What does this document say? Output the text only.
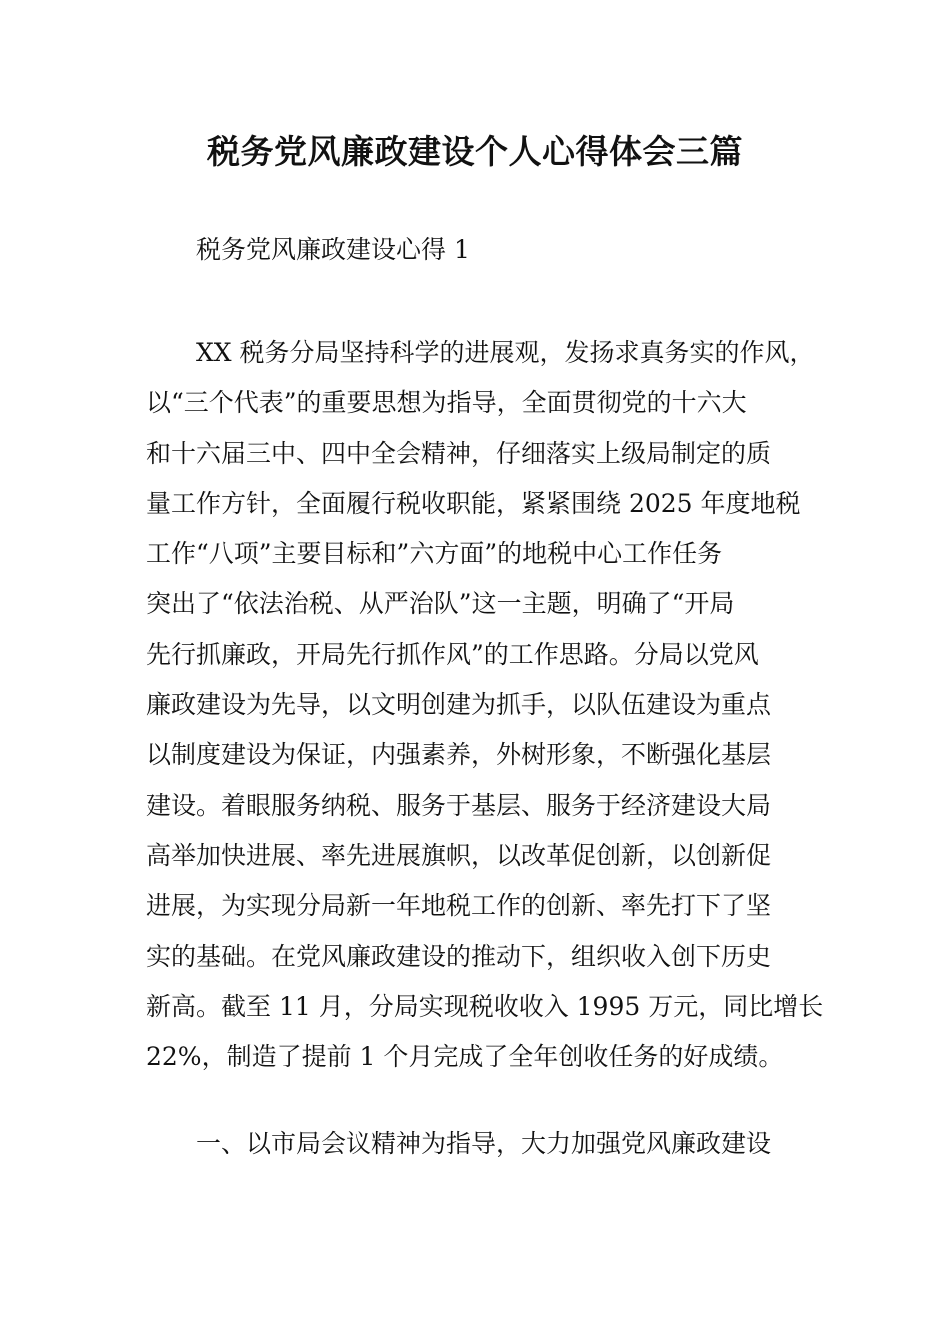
税务党风廉政建设个人心得体会三篇
税务党风廉政建设心得 1
XX 税务分局坚持科学的进展观，发扬求真务实的作风，
以“三个代表”的重要思想为指导，全面贯彻党的十六大
和十六届三中、四中全会精神，仔细落实上级局制定的质
量工作方针，全面履行税收职能，紧紧围绕 2025 年度地税
工作“八项”主要目标和”六方面”的地税中心工作任务
突出了“依法治税、从严治队”这一主题，明确了“开局
先行抓廉政，开局先行抓作风”的工作思路。分局以党风
廉政建设为先导，以文明创建为抓手，以队伍建设为重点
以制度建设为保证，内强素养，外树形象，不断强化基层
建设。着眼服务纳税、服务于基层、服务于经济建设大局
高举加快进展、率先进展旗帜，以改革促创新，以创新促
进展，为实现分局新一年地税工作的创新、率先打下了坚
实的基础。在党风廉政建设的推动下，组织收入创下历史
新高。截至 11 月，分局实现税收收入 1995 万元，同比增长
22%，制造了提前 1 个月完成了全年创收任务的好成绩。
一、以市局会议精神为指导，大力加强党风廉政建设
